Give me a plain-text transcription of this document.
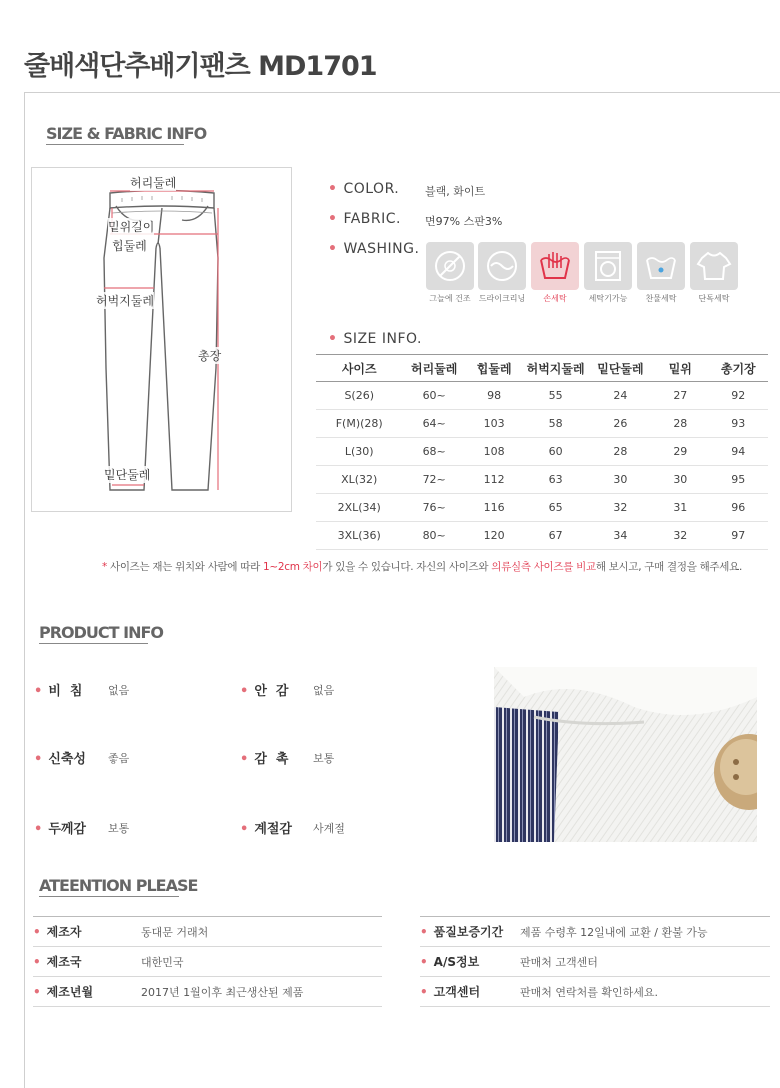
줄배색단추배기팬츠 MD1701
SIZE & FABRIC INFO
허리둘레
밑위길이
힙둘레
허벅지둘레
총장
밑단둘레
• COLOR. 블랙, 화이트
• FABRIC. 면97% 스판3%
• WASHING.
그늘에 건조	드라이크리닝	손세탁	세탁기가능	찬물세탁	단독세탁
• SIZE INFO.
사이즈	허리둘레	힙둘레	허벅지둘레	밑단둘레	밑위	총기장
S(26)	60~	98	55	24	27	92
F(M)(28)	64~	103	58	26	28	93
L(30)	68~	108	60	28	29	94
XL(32)	72~	112	63	30	30	95
2XL(34)	76~	116	65	32	31	96
3XL(36)	80~	120	67	34	32	97
* 사이즈는 재는 위치와 사람에 따라 1~2cm 차이가 있을 수 있습니다. 자신의 사이즈와 의류실측 사이즈를 비교해 보시고, 구매 결정을 해주세요.
PRODUCT INFO
• 비  침 없음	• 안  감 없음
• 신축성 좋음	• 감  촉 보통
• 두께감 보통	• 계절감 사계절
ATEENTION PLEASE
• 제조자	동대문 거래처
• 제조국	대한민국
• 제조년월	2017년 1월이후 최근생산된 제품
• 품질보증기간	제품 수령후 12일내에 교환 / 환불 가능
• A/S정보	판매처 고객센터
• 고객센터	판매처 연락처를 확인하세요.
